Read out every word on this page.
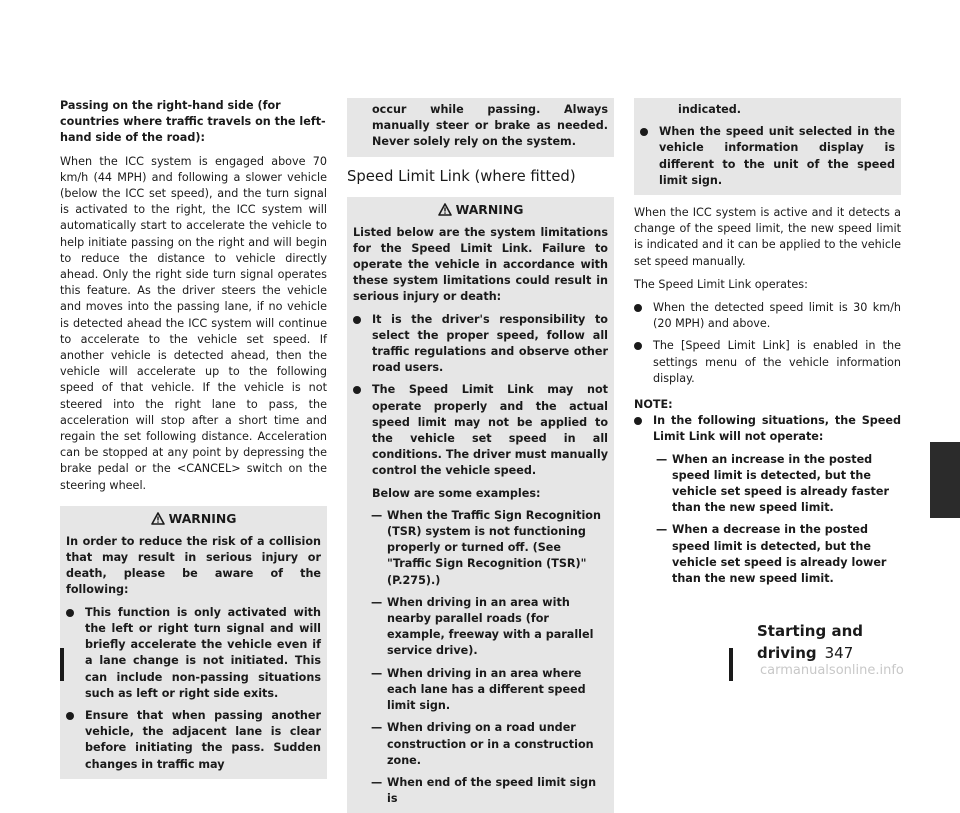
Passing on the right-hand side (for countries where traffic travels on the left-hand side of the road):

When the ICC system is engaged above 70 km/h (44 MPH) and following a slower vehicle (below the ICC set speed), and the turn signal is activated to the right, the ICC system will automatically start to accelerate the vehicle to help initiate passing on the right and will begin to reduce the distance to vehicle directly ahead. Only the right side turn signal operates this feature. As the driver steers the vehicle and moves into the passing lane, if no vehicle is detected ahead the ICC system will continue to accelerate to the vehicle set speed. If another vehicle is detected ahead, then the vehicle will accelerate up to the following speed of that vehicle. If the vehicle is not steered into the right lane to pass, the acceleration will stop after a short time and regain the set following distance. Acceleration can be stopped at any point by depressing the brake pedal or the <CANCEL> switch on the steering wheel.

WARNING

In order to reduce the risk of a collision that may result in serious injury or death, please be aware of the following:

This function is only activated with the left or right turn signal and will briefly accelerate the vehicle even if a lane change is not initiated. This can include non-passing situations such as left or right side exits.
Ensure that when passing another vehicle, the adjacent lane is clear before initiating the pass. Sudden changes in traffic may

occur while passing. Always manually steer or brake as needed. Never solely rely on the system.

Speed Limit Link (where fitted)
WARNING

Listed below are the system limitations for the Speed Limit Link. Failure to operate the vehicle in accordance with these system limitations could result in serious injury or death:

It is the driver's responsibility to select the proper speed, follow all traffic regulations and observe other road users.
The Speed Limit Link may not operate properly and the actual speed limit may not be applied to the vehicle set speed in all conditions. The driver must manually control the vehicle speed.

Below are some examples:

— When the Traffic Sign Recognition (TSR) system is not functioning properly or turned off. (See "Traffic Sign Recognition (TSR)" (P.275).)
— When driving in an area with nearby parallel roads (for example, freeway with a parallel service drive).
— When driving in an area where each lane has a different speed limit sign.
— When driving on a road under construction or in a construction zone.
— When end of the speed limit sign is

indicated.

When the speed unit selected in the vehicle information display is different to the unit of the speed limit sign.

When the ICC system is active and it detects a change of the speed limit, the new speed limit is indicated and it can be applied to the vehicle set speed manually.

The Speed Limit Link operates:

When the detected speed limit is 30 km/h (20 MPH) and above.
The [Speed Limit Link] is enabled in the settings menu of the vehicle information display.

NOTE:

In the following situations, the Speed Limit Link will not operate:
— When an increase in the posted speed limit is detected, but the vehicle set speed is already faster than the new speed limit.
— When a decrease in the posted speed limit is detected, but the vehicle set speed is already lower than the new speed limit.
Starting and driving 347
carmanualsonline.info
